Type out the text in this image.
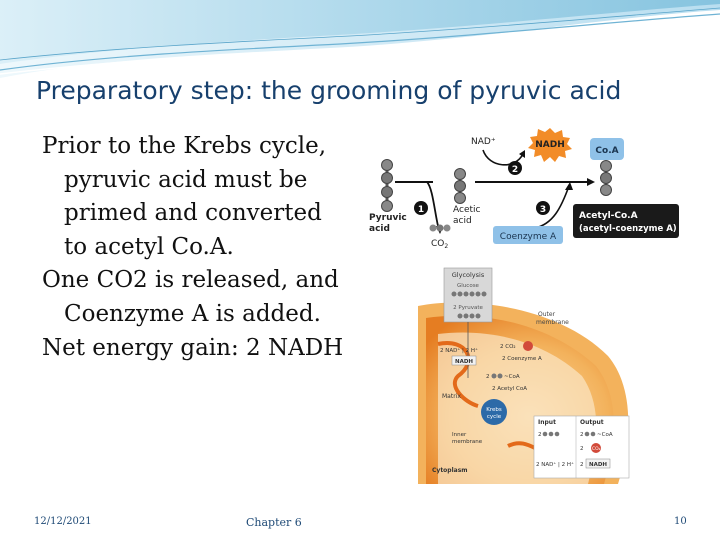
Preparatory step: the grooming of pyruvic acid

Prior to the Krebs cycle, pyruvic acid must be primed and converted to acetyl Co.A.

One CO2 is released, and Coenzyme A is added.

Net energy gain: 2 NADH

Pyruvic
acid
$CO_2$
1	Acetic
acid
NAD⁺	NADH
2
Co.A
Coenzyme A
3
Acetyl-Co.A
(acetyl-coenzyme A)
Glycolysis
Glucose
2 Pyruvate
Outer
membrane
2 CO₂
2 NAD⁺ | 2 H⁺
NADH	2 Coenzyme A
2	~CoA
2 Acetyl CoA
Matrix
Krebs
cycle
Inner
membrane
Cytoplasm
Input	Output
2	2 ~CoA
2 CO₂
2 NAD⁺ | 2 H⁺ 2 NADH
12/12/2021	Chapter 6	10
